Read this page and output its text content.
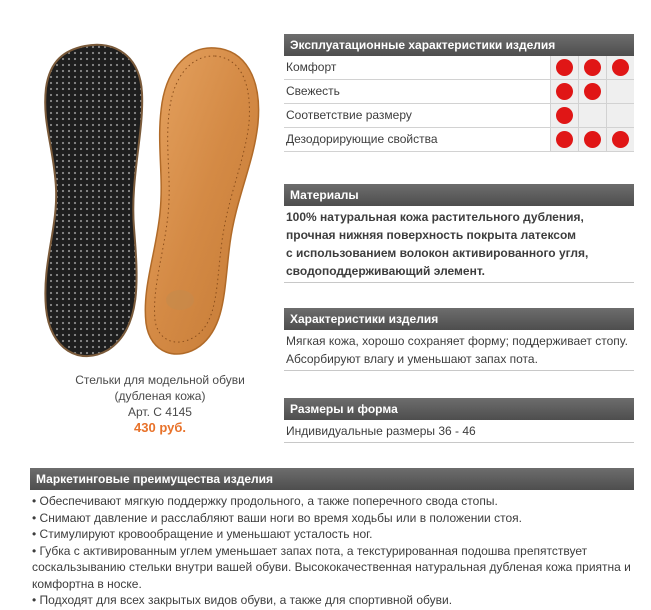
Стельки для модельной обуви
(дубленая кожа)
Арт. С 4145
430 руб.
Эксплуатационные характеристики изделия
Комфорт
Свежесть
Соответствие размеру
Дезодорирующие свойства
Материалы
100% натуральная кожа растительного дубления,
прочная нижняя поверхность покрыта латексом
с использованием волокон активированного угля,
сводоподдерживающий элемент.
Характеристики изделия
Мягкая кожа, хорошо сохраняет форму; поддерживает стопу.
Абсорбируют влагу и уменьшают запах пота.
Размеры и форма
Индивидуальные размеры 36 - 46
Маркетинговые преимущества изделия
• Обеспечивают мягкую поддержку продольного, а также поперечного свода стопы.
• Снимают давление и расслабляют ваши ноги во время ходьбы или в положении стоя.
• Стимулируют кровообращение и уменьшают усталость ног.
• Губка с активированным углем уменьшает запах пота, а текстурированная подошва препятствует соскальзыванию стельки внутри вашей обуви. Высококачественная натуральная дубленая кожа приятна и комфортна в носке.
• Подходят для всех закрытых видов обуви, а также для спортивной обуви.
